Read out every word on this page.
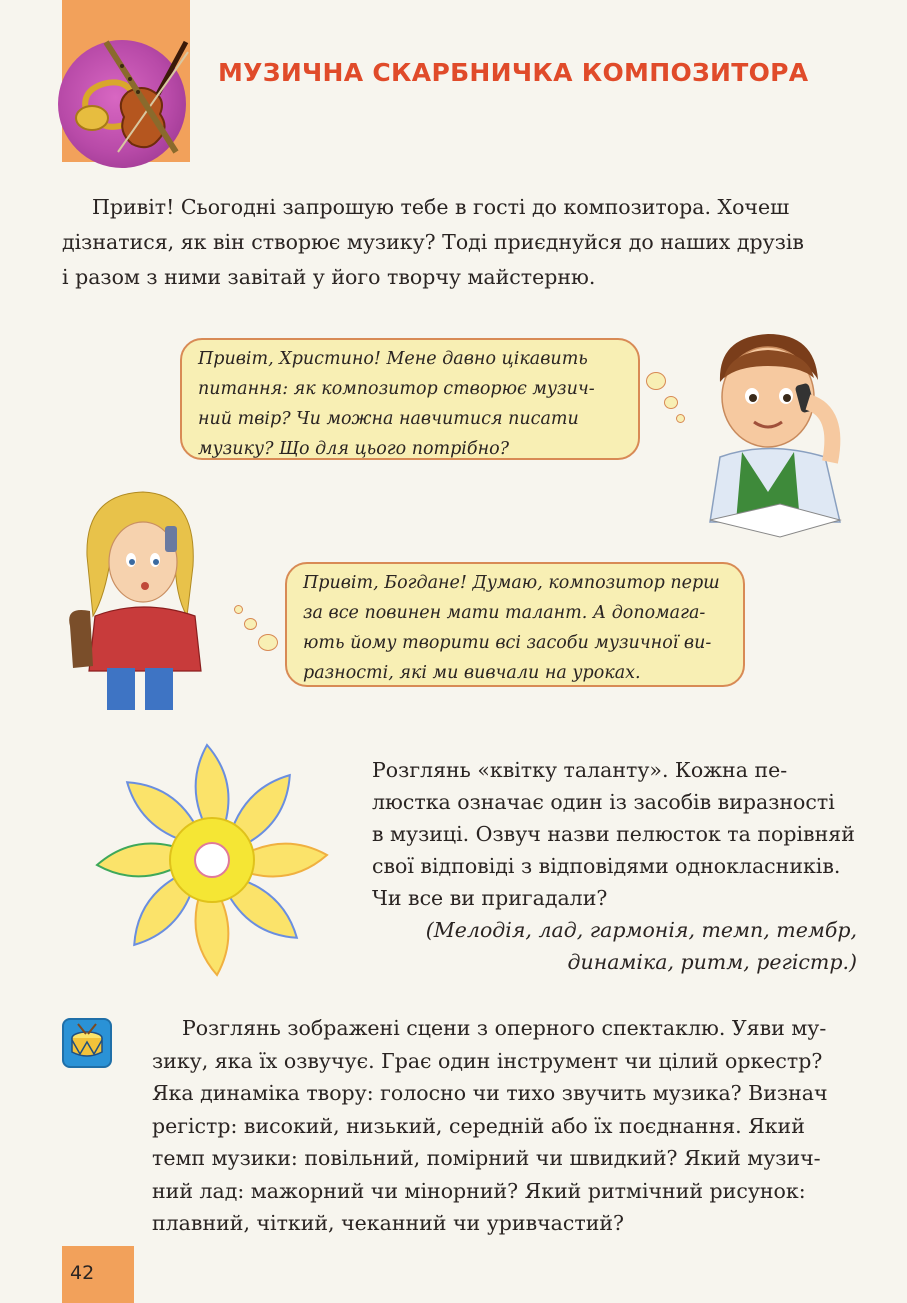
МУЗИЧНА СКАРБНИЧКА КОМПОЗИТОРА
Привіт! Сьогодні запрошую тебе в гості до композитора. Хочеш
дізнатися, як він створює музику? Тоді приєднуйся до наших друзів
і разом з ними завітай у його творчу майстерню.
Привіт, Христино! Мене давно цікавить
питання: як композитор створює музич-
ний твір? Чи можна навчитися писати
музику? Що для цього потрібно?
Привіт, Богдане! Думаю, композитор перш
за все повинен мати талант. А допомага-
ють йому творити всі засоби музичної ви-
разності, які ми вивчали на уроках.
Розглянь «квітку таланту». Кожна пе-
люстка означає один із засобів виразності
в музиці. Озвуч назви пелюсток та порівняй
свої відповіді з відповідями однокласників.
Чи все ви пригадали?
(Мелодія, лад, гармонія, темп, тембр,
динаміка, ритм, регістр.)
Розглянь зображені сцени з оперного спектаклю. Уяви му-
зику, яка їх озвучує. Грає один інструмент чи цілий оркестр?
Яка динаміка твору: голосно чи тихо звучить музика? Визнач
регістр: високий, низький, середній або їх поєднання. Який
темп музики: повільний, помірний чи швидкий? Який музич-
ний лад: мажорний чи мінорний? Який ритмічний рисунок:
плавний, чіткий, чеканний чи уривчастий?
42
